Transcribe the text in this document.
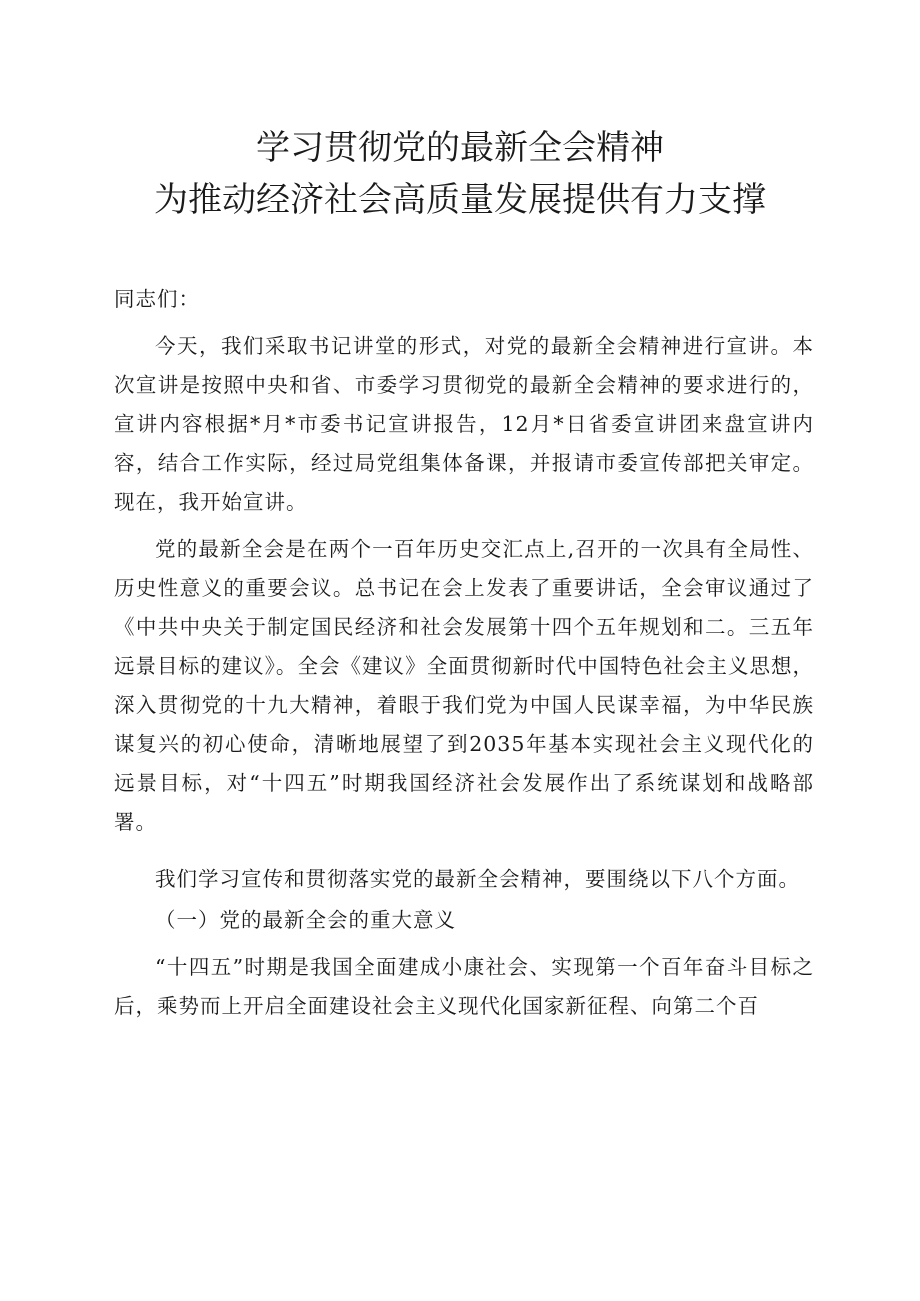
学习贯彻党的最新全会精神
为推动经济社会高质量发展提供有力支撑

同志们：

今天，我们采取书记讲堂的形式，对党的最新全会精神进行宣讲。本次宣讲是按照中央和省、市委学习贯彻党的最新全会精神的要求进行的，宣讲内容根据*月*市委书记宣讲报告，12月*日省委宣讲团来盘宣讲内容，结合工作实际，经过局党组集体备课，并报请市委宣传部把关审定。现在，我开始宣讲。

党的最新全会是在两个一百年历史交汇点上,召开的一次具有全局性、历史性意义的重要会议。总书记在会上发表了重要讲话，全会审议通过了《中共中央关于制定国民经济和社会发展第十四个五年规划和二。三五年远景目标的建议》。全会《建议》全面贯彻新时代中国特色社会主义思想，深入贯彻党的十九大精神，着眼于我们党为中国人民谋幸福，为中华民族谋复兴的初心使命，清晰地展望了到2035年基本实现社会主义现代化的远景目标，对“十四五”时期我国经济社会发展作出了系统谋划和战略部署。

我们学习宣传和贯彻落实党的最新全会精神，要围绕以下八个方面。

（一）党的最新全会的重大意义

“十四五”时期是我国全面建成小康社会、实现第一个百年奋斗目标之后，乘势而上开启全面建设社会主义现代化国家新征程、向第二个百
